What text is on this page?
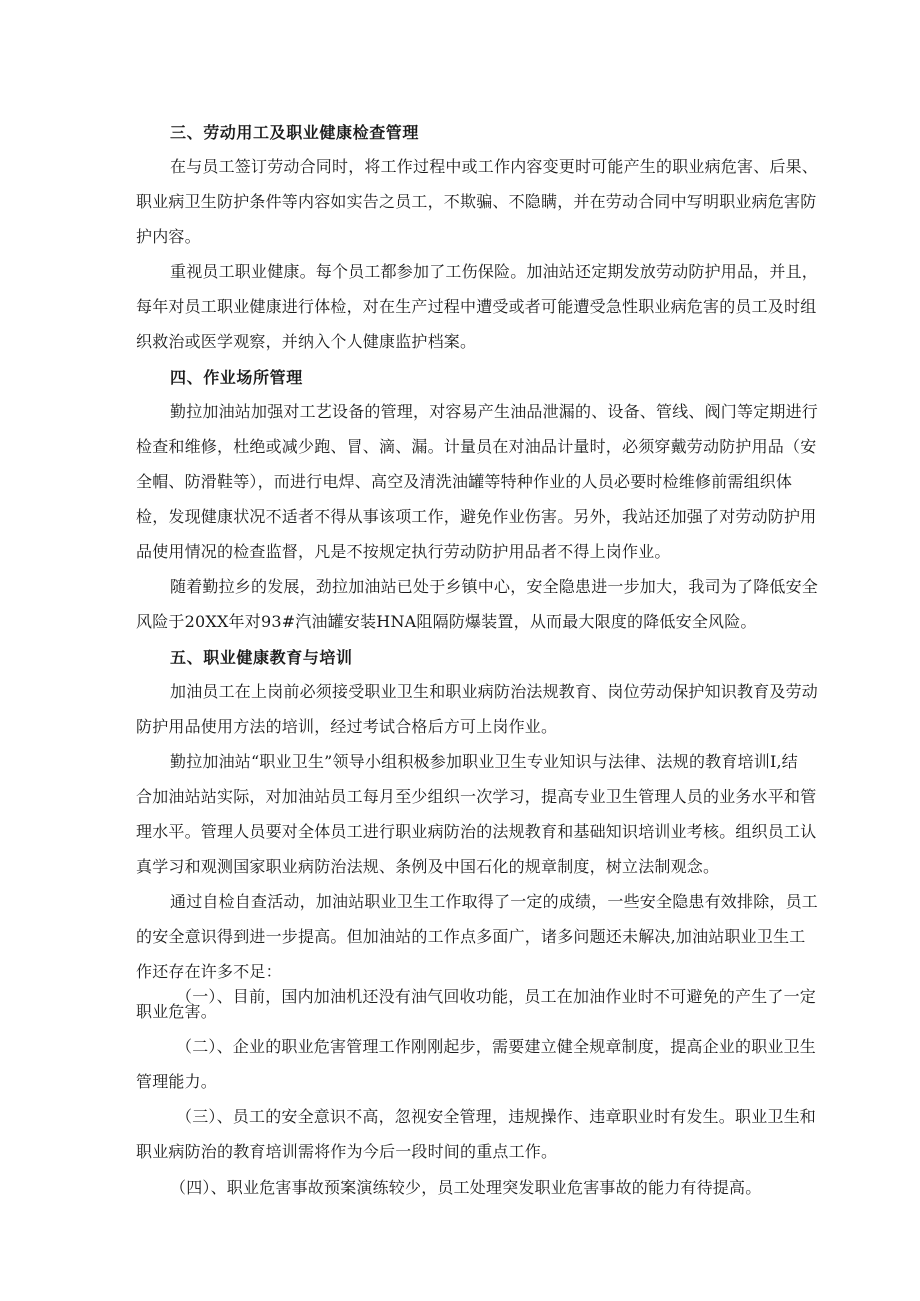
三、劳动用工及职业健康检查管理

在与员工签订劳动合同时，将工作过程中或工作内容变更时可能产生的职业病危害、后果、

职业病卫生防护条件等内容如实告之员工，不欺骗、不隐瞒，并在劳动合同中写明职业病危害防

护内容。

重视员工职业健康。每个员工都参加了工伤保险。加油站还定期发放劳动防护用品，并且，

每年对员工职业健康进行体检，对在生产过程中遭受或者可能遭受急性职业病危害的员工及时组

织救治或医学观察，并纳入个人健康监护档案。

四、作业场所管理

勤拉加油站加强对工艺设备的管理，对容易产生油品泄漏的、设备、管线、阀门等定期进行

检查和维修，杜绝或减少跑、冒、滴、漏。计量员在对油品计量时，必须穿戴劳动防护用品（安

全帽、防滑鞋等），而进行电焊、高空及清洗油罐等特种作业的人员必要时检维修前需组织体

检，发现健康状况不适者不得从事该项工作，避免作业伤害。另外，我站还加强了对劳动防护用

品使用情况的检查监督，凡是不按规定执行劳动防护用品者不得上岗作业。

随着勤拉乡的发展，劲拉加油站已处于乡镇中心，安全隐患进一步加大，我司为了降低安全

风险于20XX年对93#汽油罐安装HNA阻隔防爆装置，从而最大限度的降低安全风险。

五、职业健康教育与培训

加油员工在上岗前必须接受职业卫生和职业病防治法规教育、岗位劳动保护知识教育及劳动

防护用品使用方法的培训，经过考试合格后方可上岗作业。

勤拉加油站“职业卫生”领导小组积极参加职业卫生专业知识与法律、法规的教育培训I,结

合加油站站实际，对加油站员工每月至少组织一次学习，提高专业卫生管理人员的业务水平和管

理水平。管理人员要对全体员工进行职业病防治的法规教育和基础知识培训业考核。组织员工认

真学习和观测国家职业病防治法规、条例及中国石化的规章制度，树立法制观念。

通过自检自查活动，加油站职业卫生工作取得了一定的成绩，一些安全隐患有效排除，员工

的安全意识得到进一步提高。但加油站的工作点多面广，诸多问题还未解决,加油站职业卫生工

作还存在许多不足：

（一）、目前，国内加油机还没有油气回收功能，员工在加油作业时不可避免的产生了一定

职业危害。

（二）、企业的职业危害管理工作刚刚起步，需要建立健全规章制度，提高企业的职业卫生

管理能力。

（三）、员工的安全意识不高，忽视安全管理，违规操作、违章职业时有发生。职业卫生和

职业病防治的教育培训需将作为今后一段时间的重点工作。

（四）、职业危害事故预案演练较少，员工处理突发职业危害事故的能力有待提高。
